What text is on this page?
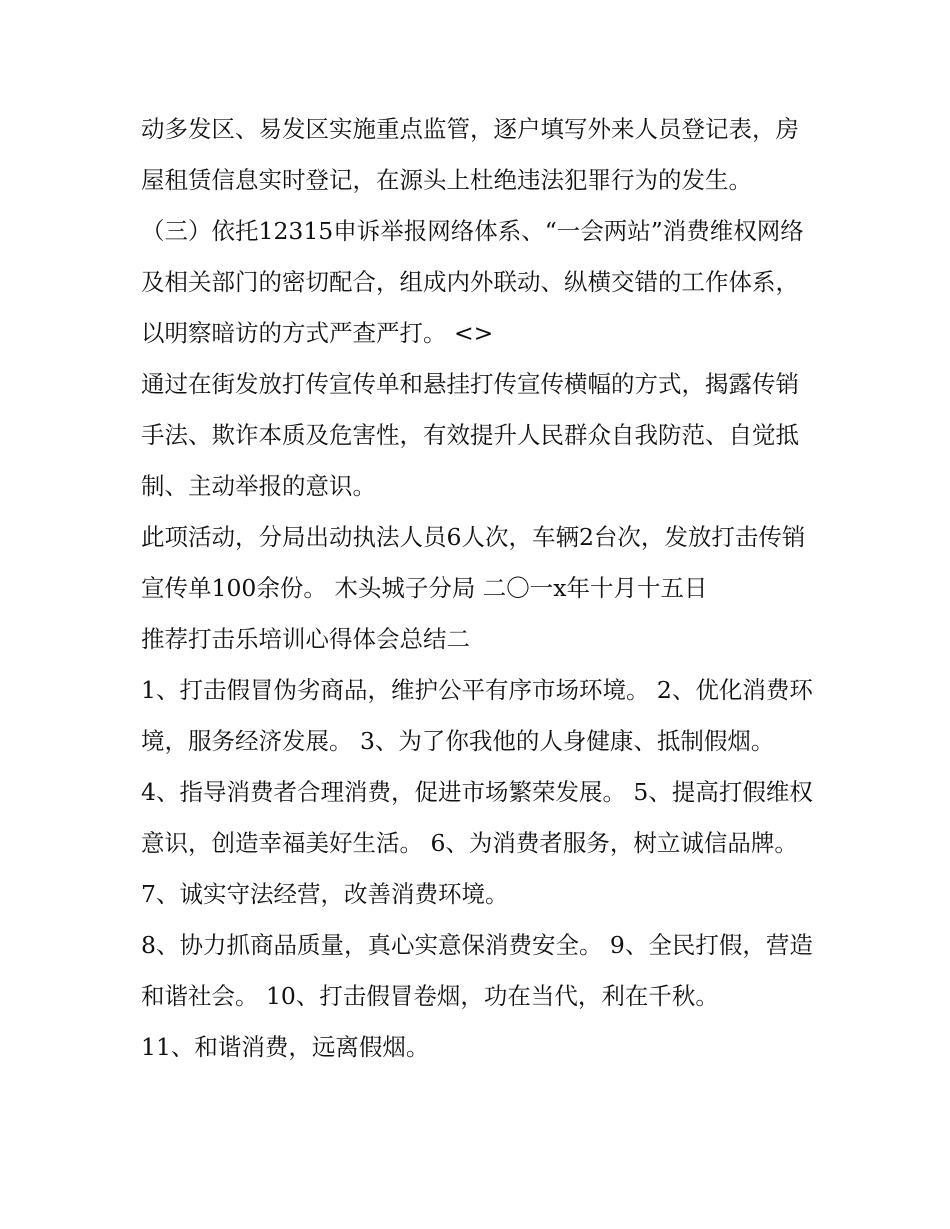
动多发区、易发区实施重点监管，逐户填写外来人员登记表，房屋租赁信息实时登记，在源头上杜绝违法犯罪行为的发生。

（三）依托12315申诉举报网络体系、“一会两站”消费维权网络及相关部门的密切配合，组成内外联动、纵横交错的工作体系，以明察暗访的方式严查严打。 <>

通过在街发放打传宣传单和悬挂打传宣传横幅的方式，揭露传销手法、欺诈本质及危害性，有效提升人民群众自我防范、自觉抵制、主动举报的意识。

此项活动，分局出动执法人员6人次，车辆2台次，发放打击传销宣传单100余份。 木头城子分局 二〇一x年十月十五日

推荐打击乐培训心得体会总结二

1、打击假冒伪劣商品，维护公平有序市场环境。 2、优化消费环境，服务经济发展。 3、为了你我他的人身健康、抵制假烟。

4、指导消费者合理消费，促进市场繁荣发展。 5、提高打假维权意识，创造幸福美好生活。 6、为消费者服务，树立诚信品牌。 7、诚实守法经营，改善消费环境。

8、协力抓商品质量，真心实意保消费安全。 9、全民打假，营造和谐社会。 10、打击假冒卷烟，功在当代，利在千秋。

11、和谐消费，远离假烟。
